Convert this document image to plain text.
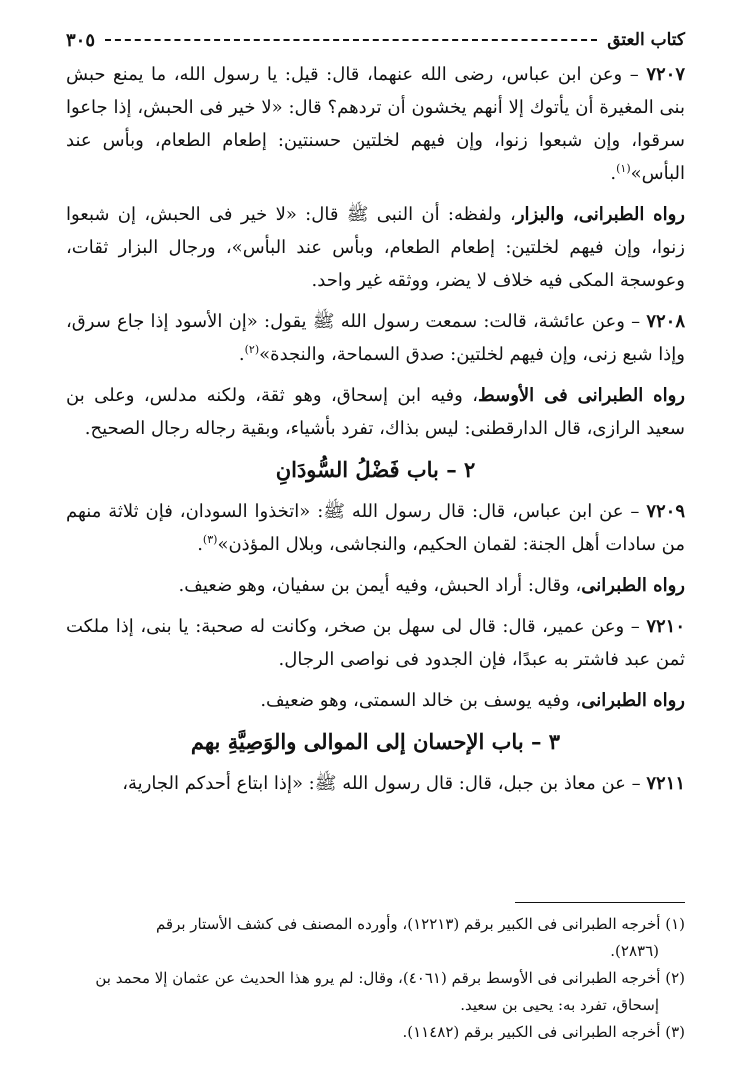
كتاب العتق
٣٠٥

٧٢٠٧ – وعن ابن عباس، رضى الله عنهما، قال: قيل: يا رسول الله، ما يمنع حبش بنى المغيرة أن يأتوك إلا أنهم يخشون أن تردهم؟ قال: «لا خير فى الحبش، إذا جاعوا سرقوا، وإن شبعوا زنوا، وإن فيهم لخلتين حسنتين: إطعام الطعام، وبأس عند البأس»$^{(١)}$.

رواه الطبرانى، والبزار، ولفظه: أن النبى ﷺ قال: «لا خير فى الحبش، إن شبعوا زنوا، وإن فيهم لخلتين: إطعام الطعام، وبأس عند البأس»، ورجال البزار ثقات، وعوسجة المكى فيه خلاف لا يضر، ووثقه غير واحد.

٧٢٠٨ – وعن عائشة، قالت: سمعت رسول الله ﷺ يقول: «إن الأسود إذا جاع سرق، وإذا شبع زنى، وإن فيهم لخلتين: صدق السماحة، والنجدة»$^{(٢)}$.

رواه الطبرانى فى الأوسط، وفيه ابن إسحاق، وهو ثقة، ولكنه مدلس، وعلى بن سعيد الرازى، قال الدارقطنى: ليس بذاك، تفرد بأشياء، وبقية رجاله رجال الصحيح.

٢ – باب فَضْلُ السُّودَانِ

٧٢٠٩ – عن ابن عباس، قال: قال رسول الله ﷺ: «اتخذوا السودان، فإن ثلاثة منهم من سادات أهل الجنة: لقمان الحكيم، والنجاشى، وبلال المؤذن»$^{(٣)}$.

رواه الطبرانى، وقال: أراد الحبش، وفيه أيمن بن سفيان، وهو ضعيف.

٧٢١٠ – وعن عمير، قال: قال لى سهل بن صخر، وكانت له صحبة: يا بنى، إذا ملكت ثمن عبد فاشتر به عبدًا، فإن الجدود فى نواصى الرجال.

رواه الطبرانى، وفيه يوسف بن خالد السمتى، وهو ضعيف.

٣ – باب الإحسان إلى الموالى والوَصِيَّةِ بهم

٧٢١١ – عن معاذ بن جبل، قال: قال رسول الله ﷺ: «إذا ابتاع أحدكم الجارية،

(١) أخرجه الطبرانى فى الكبير برقم (١٢٢١٣)، وأورده المصنف فى كشف الأستار برقم

(٢٨٣٦).

(٢) أخرجه الطبرانى فى الأوسط برقم (٤٠٦١)، وقال: لم يرو هذا الحديث عن عثمان إلا محمد بن

إسحاق، تفرد به: يحيى بن سعيد.

(٣) أخرجه الطبرانى فى الكبير برقم (١١٤٨٢).
